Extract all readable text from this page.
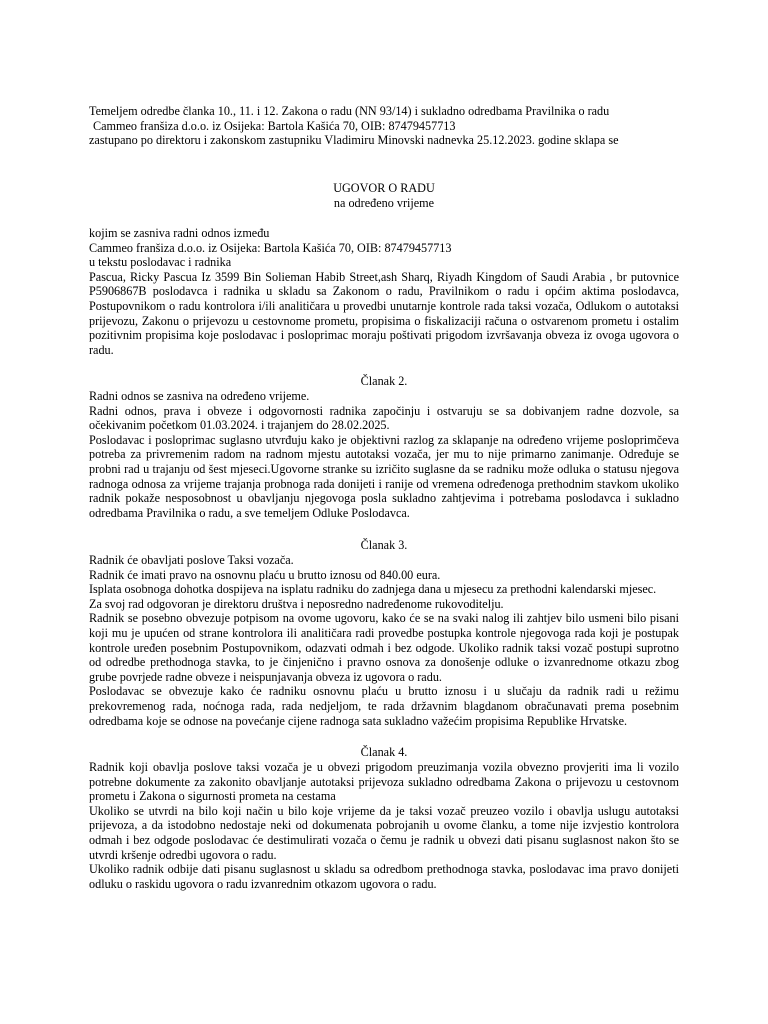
Temeljem odredbe članka 10., 11. i 12. Zakona o radu (NN 93/14) i sukladno odredbama Pravilnika o radu
Cammeo franšiza d.o.o. iz Osijeka: Bartola Kašića 70, OIB: 87479457713
zastupano po direktoru i zakonskom zastupniku Vladimiru Minovski nadnevka 25.12.2023. godine sklapa se
UGOVOR O RADU
na određeno vrijeme

kojim se zasniva radni odnos između

Cammeo franšiza d.o.o. iz Osijeka: Bartola Kašića 70, OIB: 87479457713

u tekstu poslodavac i radnika

Pascua, Ricky Pascua Iz 3599 Bin Solieman Habib Street,ash Sharq, Riyadh Kingdom of Saudi Arabia , br putovnice P5906867B poslodavca i radnika u skladu sa Zakonom o radu, Pravilnikom o radu i općim aktima poslodavca, Postupovnikom o radu kontrolora i/ili analitičara u provedbi unutarnje kontrole rada taksi vozača, Odlukom o autotaksi prijevozu, Zakonu o prijevozu u cestovnome prometu, propisima o fiskalizaciji računa o ostvarenom prometu i ostalim pozitivnim propisima koje poslodavac i posloprimac moraju poštivati prigodom izvršavanja obveza iz ovoga ugovora o radu.

Članak 2.

Radni odnos se zasniva na određeno vrijeme.

Radni odnos, prava i obveze i odgovornosti radnika započinju i ostvaruju se sa dobivanjem radne dozvole, sa očekivanim početkom 01.03.2024. i trajanjem do 28.02.2025.

Poslodavac i posloprimac suglasno utvrđuju kako je objektivni razlog za sklapanje na određeno vrijeme posloprimčeva potreba za privremenim radom na radnom mjestu autotaksi vozača, jer mu to nije primarno zanimanje. Određuje se probni rad u trajanju od šest mjeseci.Ugovorne stranke su izričito suglasne da se radniku može odluka o statusu njegova radnoga odnosa za vrijeme trajanja probnoga rada donijeti i ranije od vremena određenoga prethodnim stavkom ukoliko radnik pokaže nesposobnost u obavljanju njegovoga posla sukladno zahtjevima i potrebama poslodavca i sukladno odredbama Pravilnika o radu, a sve temeljem Odluke Poslodavca.

Članak 3.

Radnik će obavljati poslove Taksi vozača.

Radnik će imati pravo na osnovnu plaću u brutto iznosu od 840.00 eura.

Isplata osobnoga dohotka dospijeva na isplatu radniku do zadnjega dana u mjesecu za prethodni kalendarski mjesec.

Za svoj rad odgovoran je direktoru društva i neposredno nadređenome rukovoditelju.

Radnik se posebno obvezuje potpisom na ovome ugovoru, kako će se na svaki nalog ili zahtjev bilo usmeni bilo pisani koji mu je upućen od strane kontrolora ili analitičara radi provedbe postupka kontrole njegovoga rada koji je postupak kontrole uređen posebnim Postupovnikom, odazvati odmah i bez odgode. Ukoliko radnik taksi vozač postupi suprotno od odredbe prethodnoga stavka, to je činjenično i pravno osnova za donošenje odluke o izvanrednome otkazu zbog grube povrjede radne obveze i neispunjavanja obveza iz ugovora o radu.

Poslodavac se obvezuje kako će radniku osnovnu plaću u brutto iznosu i u slučaju da radnik radi u režimu prekovremenog rada, noćnoga rada, rada nedjeljom, te rada državnim blagdanom obračunavati prema posebnim odredbama koje se odnose na povećanje cijene radnoga sata sukladno važećim propisima Republike Hrvatske.

Članak 4.

Radnik koji obavlja poslove taksi vozača je u obvezi prigodom preuzimanja vozila obvezno provjeriti ima li vozilo potrebne dokumente za zakonito obavljanje autotaksi prijevoza sukladno odredbama Zakona o prijevozu u cestovnom prometu i Zakona o sigurnosti prometa na cestama

Ukoliko se utvrdi na bilo koji način u bilo koje vrijeme da je taksi vozač preuzeo vozilo i obavlja uslugu autotaksi prijevoza, a da istodobno nedostaje neki od dokumenata pobrojanih u ovome članku, a tome nije izvjestio kontrolora odmah i bez odgode poslodavac će destimulirati vozača o čemu je radnik u obvezi dati pisanu suglasnost nakon što se utvrdi kršenje odredbi ugovora o radu.

Ukoliko radnik odbije dati pisanu suglasnost u skladu sa odredbom prethodnoga stavka, poslodavac ima pravo donijeti odluku o raskidu ugovora o radu izvanrednim otkazom ugovora o radu.
